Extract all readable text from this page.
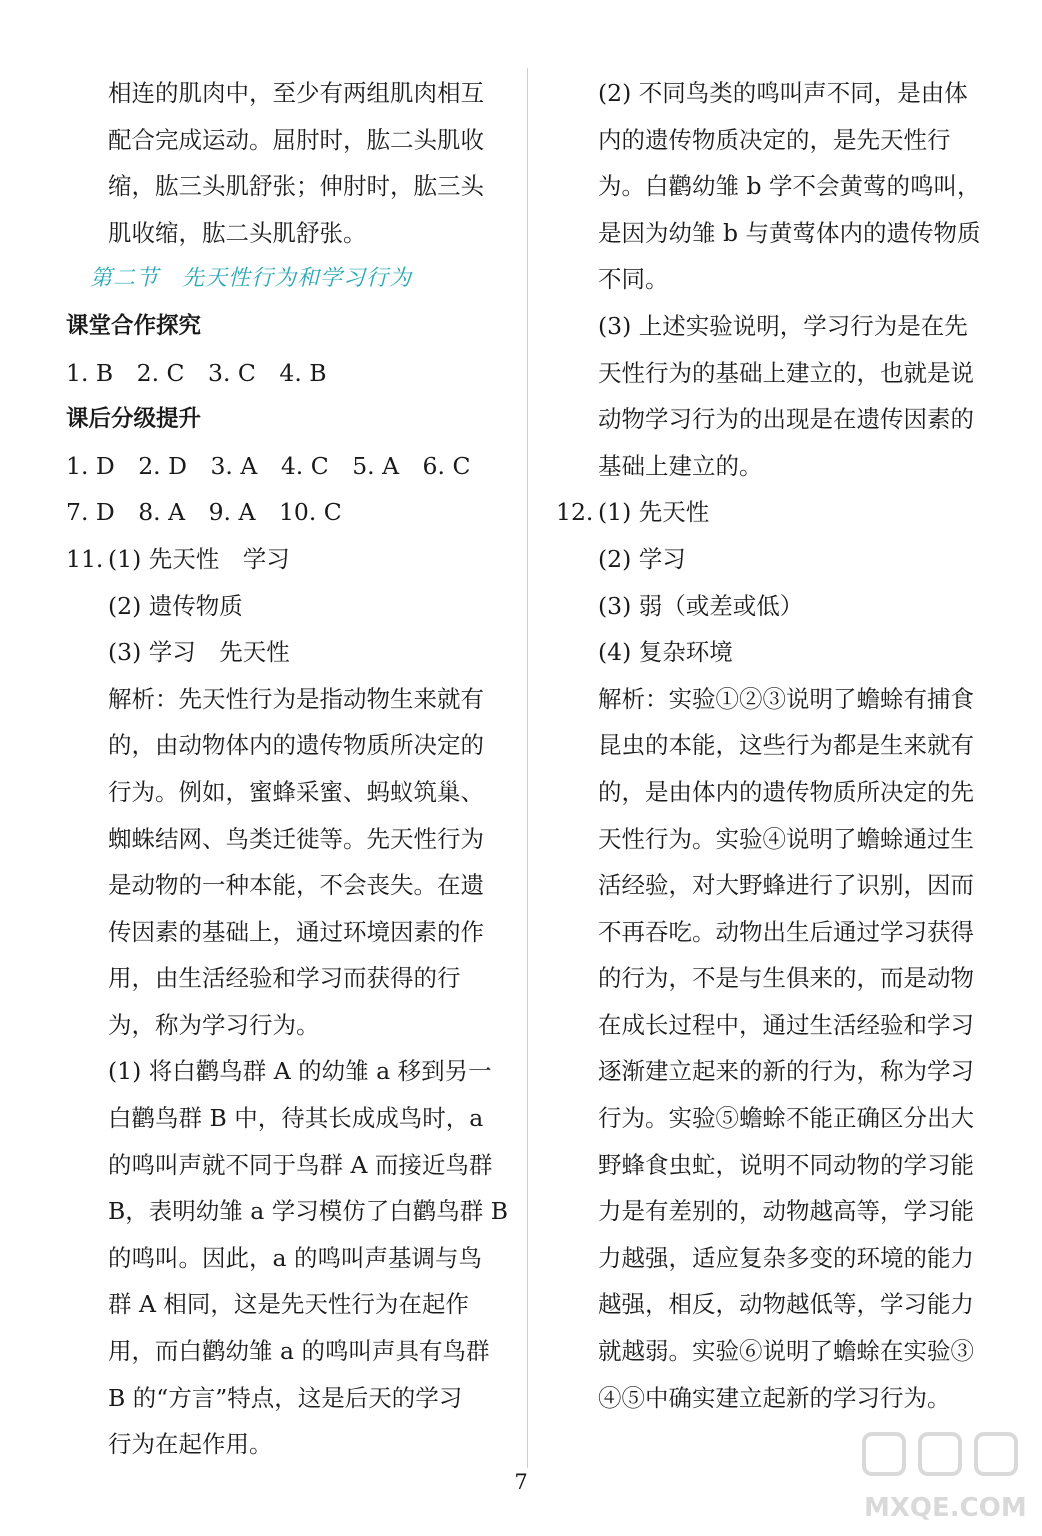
相连的肌肉中，至少有两组肌肉相互
配合完成运动。屈肘时，肱二头肌收
缩，肱三头肌舒张；伸肘时，肱三头
肌收缩，肱二头肌舒张。
第二节　先天性行为和学习行为
课堂合作探究
1. B　2. C　3. C　4. B
课后分级提升
1. D　2. D　3. A　4. C　5. A　6. C
7. D　8. A　9. A　10. C
11. (1) 先天性　学习
(2) 遗传物质
(3) 学习　先天性
解析：先天性行为是指动物生来就有
的，由动物体内的遗传物质所决定的
行为。例如，蜜蜂采蜜、蚂蚁筑巢、
蜘蛛结网、鸟类迁徙等。先天性行为
是动物的一种本能，不会丧失。在遗
传因素的基础上，通过环境因素的作
用，由生活经验和学习而获得的行
为，称为学习行为。
(1) 将白鹳鸟群 A 的幼雏 a 移到另一
白鹳鸟群 B 中，待其长成成鸟时，a
的鸣叫声就不同于鸟群 A 而接近鸟群
B，表明幼雏 a 学习模仿了白鹳鸟群 B
的鸣叫。因此，a 的鸣叫声基调与鸟
群 A 相同，这是先天性行为在起作
用，而白鹳幼雏 a 的鸣叫声具有鸟群
B 的“方言”特点，这是后天的学习
行为在起作用。
(2) 不同鸟类的鸣叫声不同，是由体
内的遗传物质决定的，是先天性行
为。白鹳幼雏 b 学不会黄莺的鸣叫，
是因为幼雏 b 与黄莺体内的遗传物质
不同。
(3) 上述实验说明，学习行为是在先
天性行为的基础上建立的，也就是说
动物学习行为的出现是在遗传因素的
基础上建立的。
12. (1) 先天性
(2) 学习
(3) 弱（或差或低）
(4) 复杂环境
解析：实验①②③说明了蟾蜍有捕食
昆虫的本能，这些行为都是生来就有
的，是由体内的遗传物质所决定的先
天性行为。实验④说明了蟾蜍通过生
活经验，对大野蜂进行了识别，因而
不再吞吃。动物出生后通过学习获得
的行为，不是与生俱来的，而是动物
在成长过程中，通过生活经验和学习
逐渐建立起来的新的行为，称为学习
行为。实验⑤蟾蜍不能正确区分出大
野蜂食虫虻，说明不同动物的学习能
力是有差别的，动物越高等，学习能
力越强，适应复杂多变的环境的能力
越强，相反，动物越低等，学习能力
就越弱。实验⑥说明了蟾蜍在实验③
④⑤中确实建立起新的学习行为。
7
MXQE.COM
